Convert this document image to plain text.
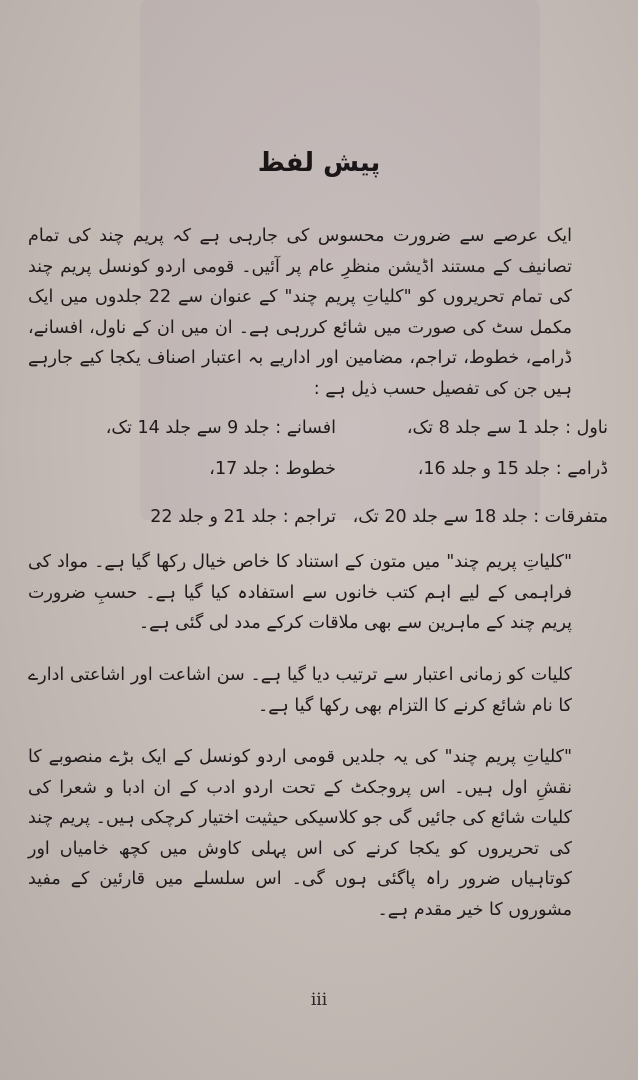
پیش لفظ

ایک عرصے سے ضرورت محسوس کی جارہی ہے کہ پریم چند کی تمام تصانیف کے مستند اڈیشن منظرِ عام پر آئیں۔ قومی اردو کونسل پریم چند کی تمام تحریروں کو "کلیاتِ پریم چند" کے عنوان سے 22 جلدوں میں ایک مکمل سٹ کی صورت میں شائع کررہی ہے۔ ان میں ان کے ناول، افسانے، ڈرامے، خطوط، تراجم، مضامین اور اداریے بہ اعتبار اصناف یکجا کیے جارہے ہیں جن کی تفصیل حسب ذیل ہے :

ناول : جلد 1 سے جلد 8 تک،
افسانے : جلد 9 سے جلد 14 تک،
ڈرامے : جلد 15 و جلد 16،
خطوط : جلد 17،
متفرقات : جلد 18 سے جلد 20 تک،
تراجم : جلد 21 و جلد 22

"کلیاتِ پریم چند" میں متون کے استناد کا خاص خیال رکھا گیا ہے۔ مواد کی فراہمی کے لیے اہم کتب خانوں سے استفادہ کیا گیا ہے۔ حسبِ ضرورت پریم چند کے ماہرین سے بھی ملاقات کرکے مدد لی گئی ہے۔

کلیات کو زمانی اعتبار سے ترتیب دیا گیا ہے۔ سن اشاعت اور اشاعتی ادارے کا نام شائع کرنے کا التزام بھی رکھا گیا ہے۔

"کلیاتِ پریم چند" کی یہ جلدیں قومی اردو کونسل کے ایک بڑے منصوبے کا نقشِ اول ہیں۔ اس پروجکٹ کے تحت اردو ادب کے ان ادبا و شعرا کی کلیات شائع کی جائیں گی جو کلاسیکی حیثیت اختیار کرچکی ہیں۔ پریم چند کی تحریروں کو یکجا کرنے کی اس پہلی کاوش میں کچھ خامیاں اور کوتاہیاں ضرور راہ پاگئی ہوں گی۔ اس سلسلے میں قارئین کے مفید مشوروں کا خیر مقدم ہے۔

iii
